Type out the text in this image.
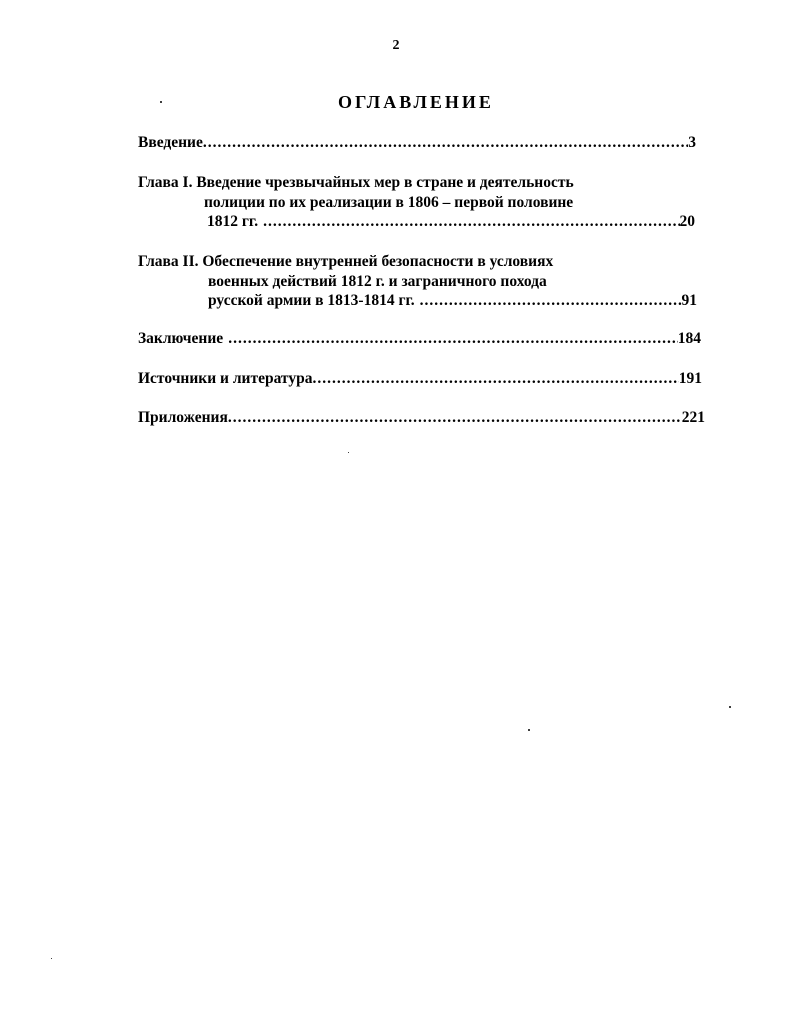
2
ОГЛАВЛЕНИЕ
Введение .....	3
Глава I. Введение чрезвычайных мер в стране и деятельность
полиции по их реализации в 1806 – первой половине
1812 гг. .....	20
Глава II. Обеспечение внутренней безопасности в условиях
военных действий 1812 г. и заграничного похода
русской армии в 1813-1814 гг. .....	91
Заключение .....	184
Источники и литература .....	191
Приложения .....	221
